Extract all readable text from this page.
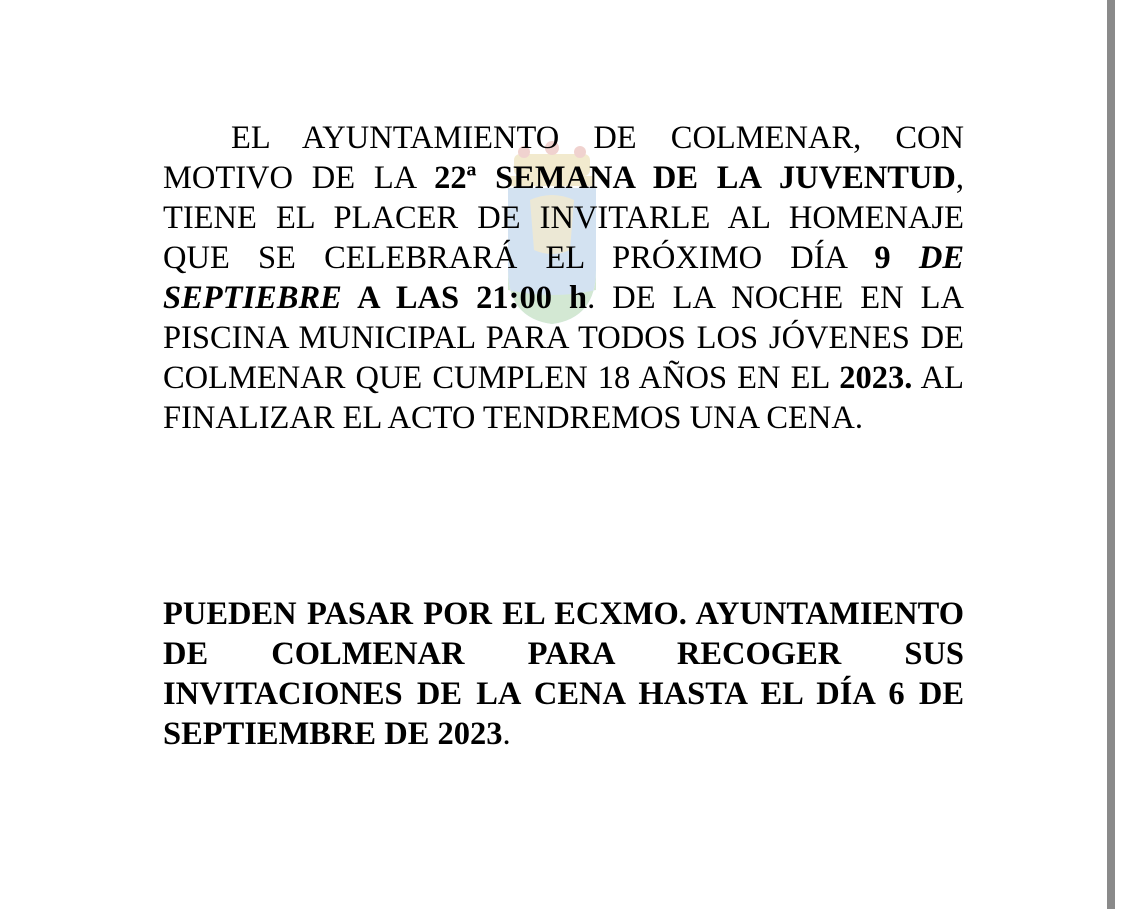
EL AYUNTAMIENTO DE COLMENAR, CON MOTIVO DE LA 22ª SEMANA DE LA JUVENTUD, TIENE EL PLACER DE INVITARLE AL HOMENAJE QUE SE CELEBRARÁ EL PRÓXIMO DÍA 9 DE SEPTIEBRE A LAS 21:00 h. DE LA NOCHE EN LA PISCINA MUNICIPAL PARA TODOS LOS JÓVENES DE COLMENAR QUE CUMPLEN 18 AÑOS EN EL 2023. AL FINALIZAR EL ACTO TENDREMOS UNA CENA.
PUEDEN PASAR POR EL ECXMO. AYUNTAMIENTO DE COLMENAR PARA RECOGER SUS INVITACIONES DE LA CENA HASTA EL DÍA 6 DE SEPTIEMBRE DE 2023.
